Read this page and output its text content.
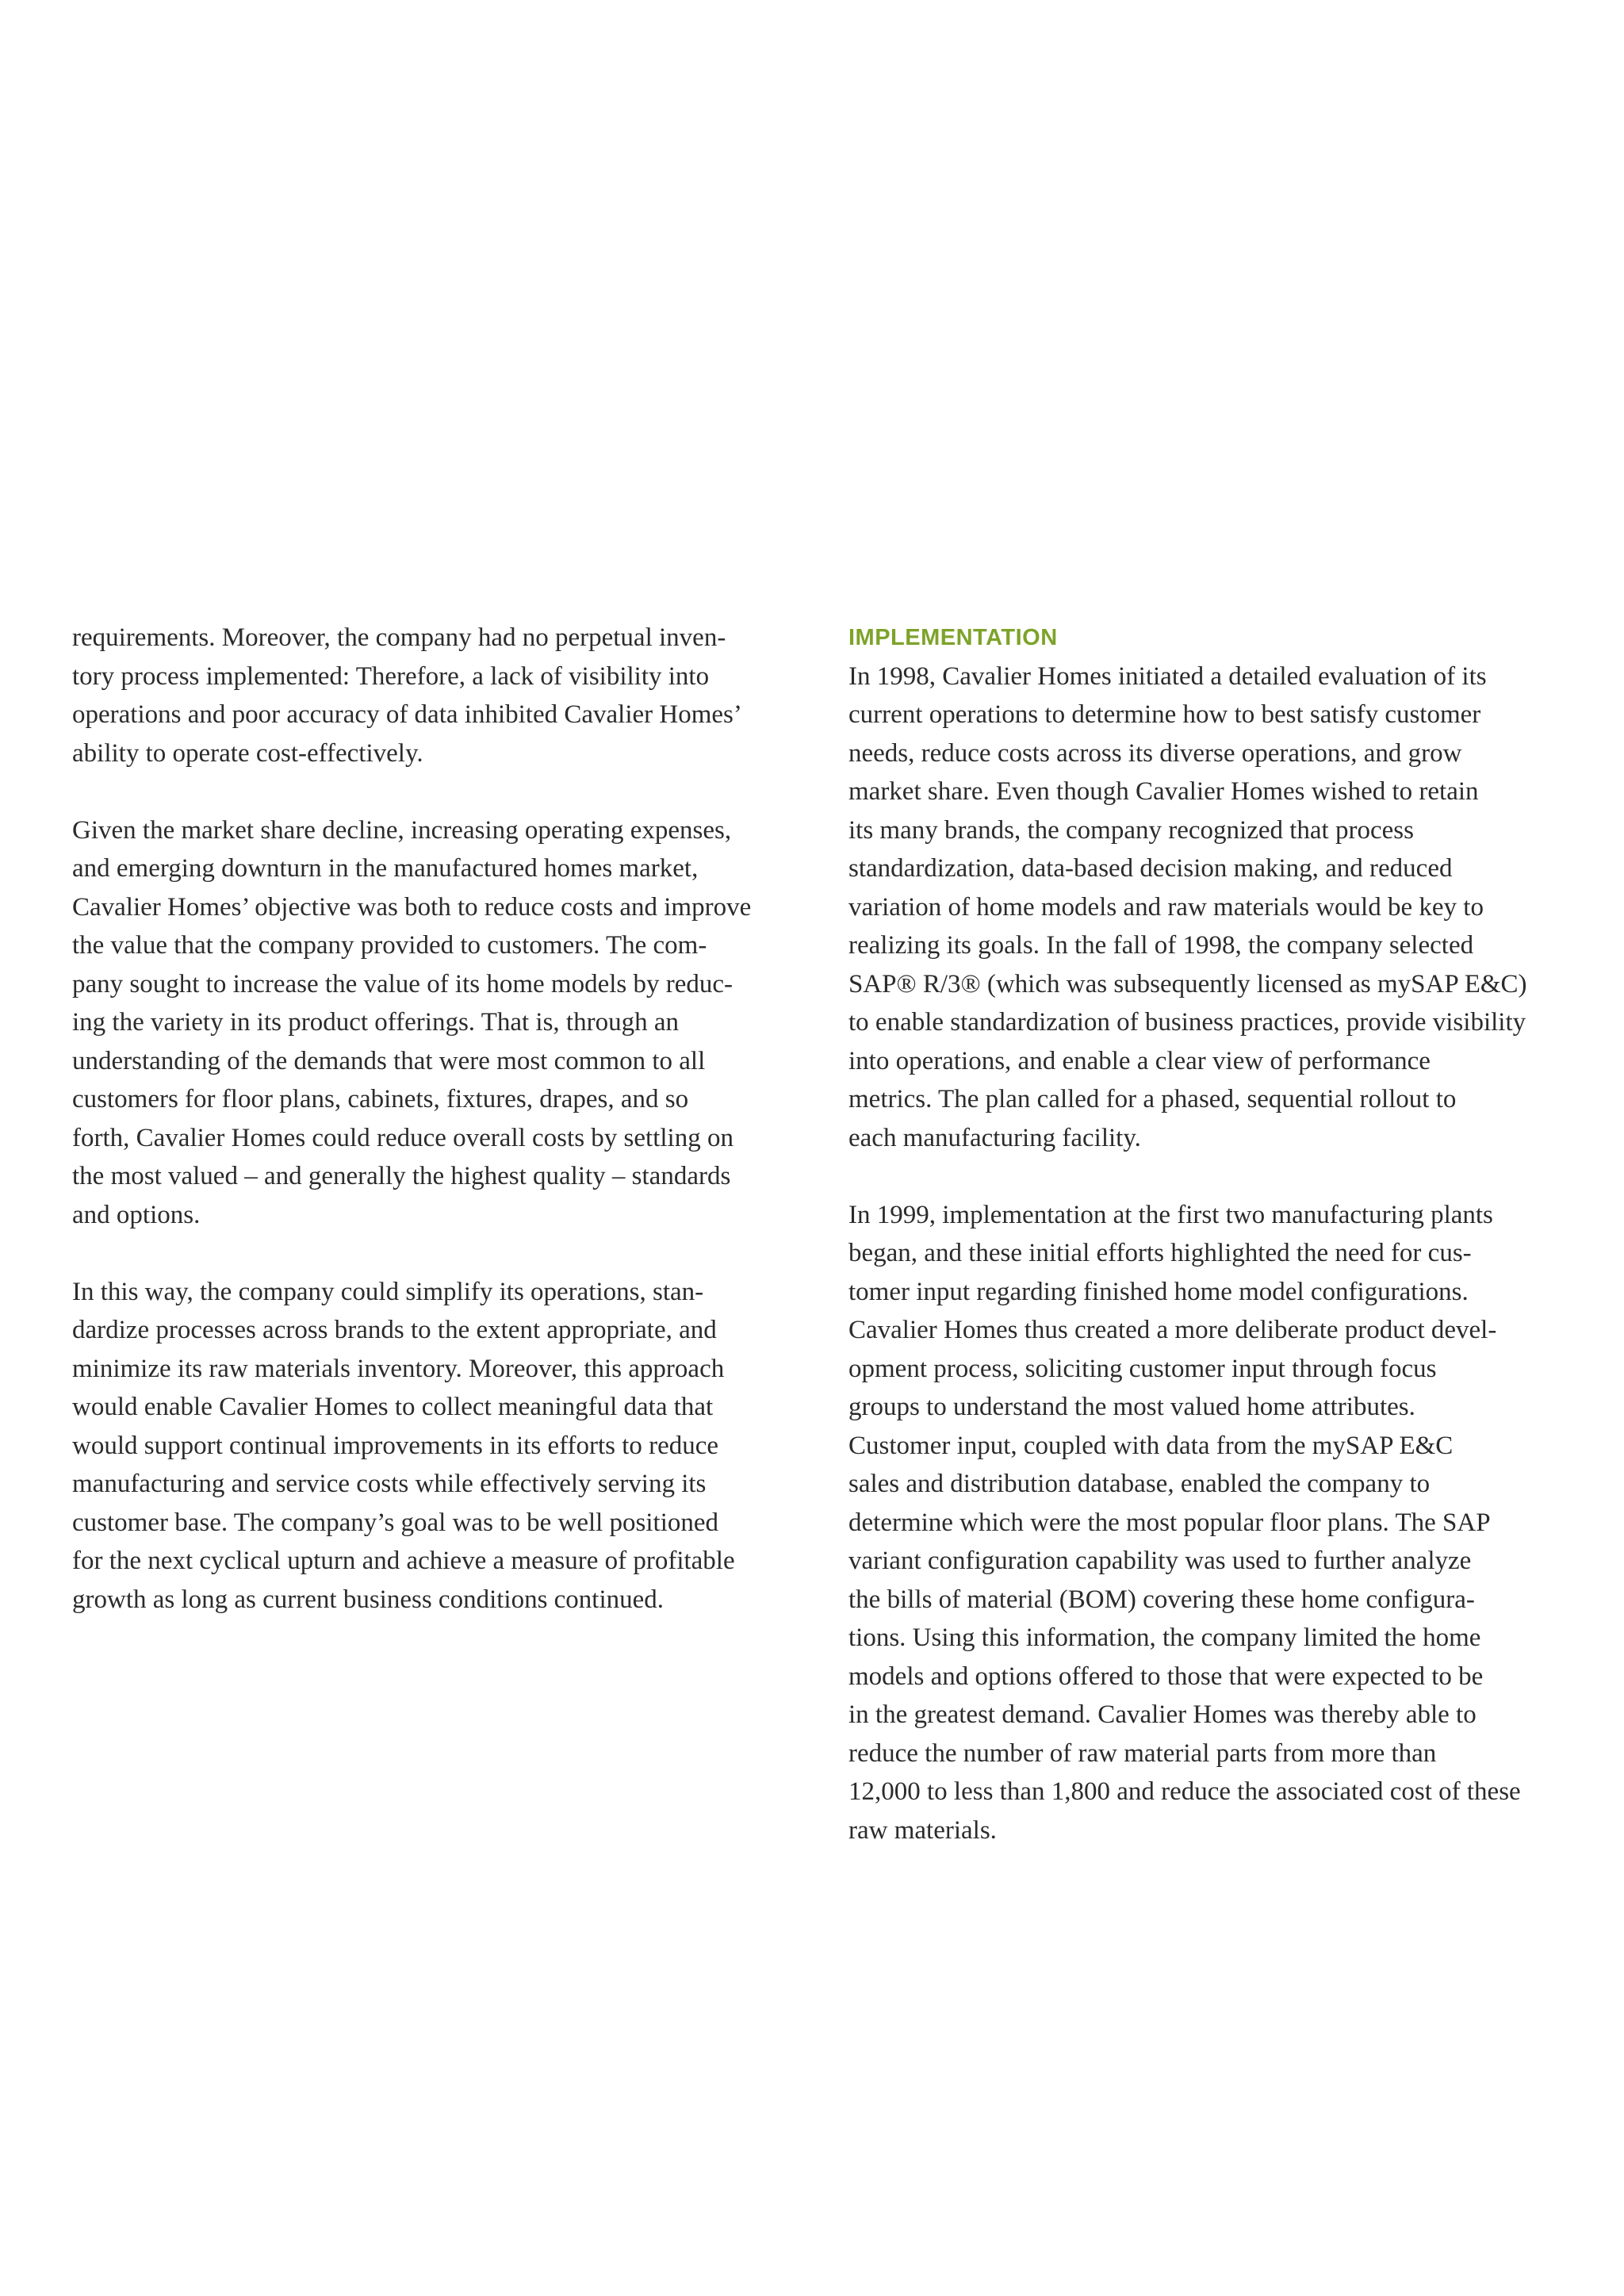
requirements. Moreover, the company had no perpetual inven-
tory process implemented: Therefore, a lack of visibility into
operations and poor accuracy of data inhibited Cavalier Homes’
ability to operate cost-effectively.
Given the market share decline, increasing operating expenses,
and emerging downturn in the manufactured homes market,
Cavalier Homes’ objective was both to reduce costs and improve
the value that the company provided to customers. The com-
pany sought to increase the value of its home models by reduc-
ing the variety in its product offerings. That is, through an
understanding of the demands that were most common to all
customers for floor plans, cabinets, fixtures, drapes, and so
forth, Cavalier Homes could reduce overall costs by settling on
the most valued – and generally the highest quality – standards
and options.
In this way, the company could simplify its operations, stan-
dardize processes across brands to the extent appropriate, and
minimize its raw materials inventory. Moreover, this approach
would enable Cavalier Homes to collect meaningful data that
would support continual improvements in its efforts to reduce
manufacturing and service costs while effectively serving its
customer base. The company’s goal was to be well positioned
for the next cyclical upturn and achieve a measure of profitable
growth as long as current business conditions continued.
IMPLEMENTATION
In 1998, Cavalier Homes initiated a detailed evaluation of its
current operations to determine how to best satisfy customer
needs, reduce costs across its diverse operations, and grow
market share. Even though Cavalier Homes wished to retain
its many brands, the company recognized that process
standardization, data-based decision making, and reduced
variation of home models and raw materials would be key to
realizing its goals. In the fall of 1998, the company selected
SAP® R/3® (which was subsequently licensed as mySAP E&C)
to enable standardization of business practices, provide visibility
into operations, and enable a clear view of performance
metrics. The plan called for a phased, sequential rollout to
each manufacturing facility.
In 1999, implementation at the first two manufacturing plants
began, and these initial efforts highlighted the need for cus-
tomer input regarding finished home model configurations.
Cavalier Homes thus created a more deliberate product devel-
opment process, soliciting customer input through focus
groups to understand the most valued home attributes.
Customer input, coupled with data from the mySAP E&C
sales and distribution database, enabled the company to
determine which were the most popular floor plans. The SAP
variant configuration capability was used to further analyze
the bills of material (BOM) covering these home configura-
tions. Using this information, the company limited the home
models and options offered to those that were expected to be
in the greatest demand. Cavalier Homes was thereby able to
reduce the number of raw material parts from more than
12,000 to less than 1,800 and reduce the associated cost of these
raw materials.
